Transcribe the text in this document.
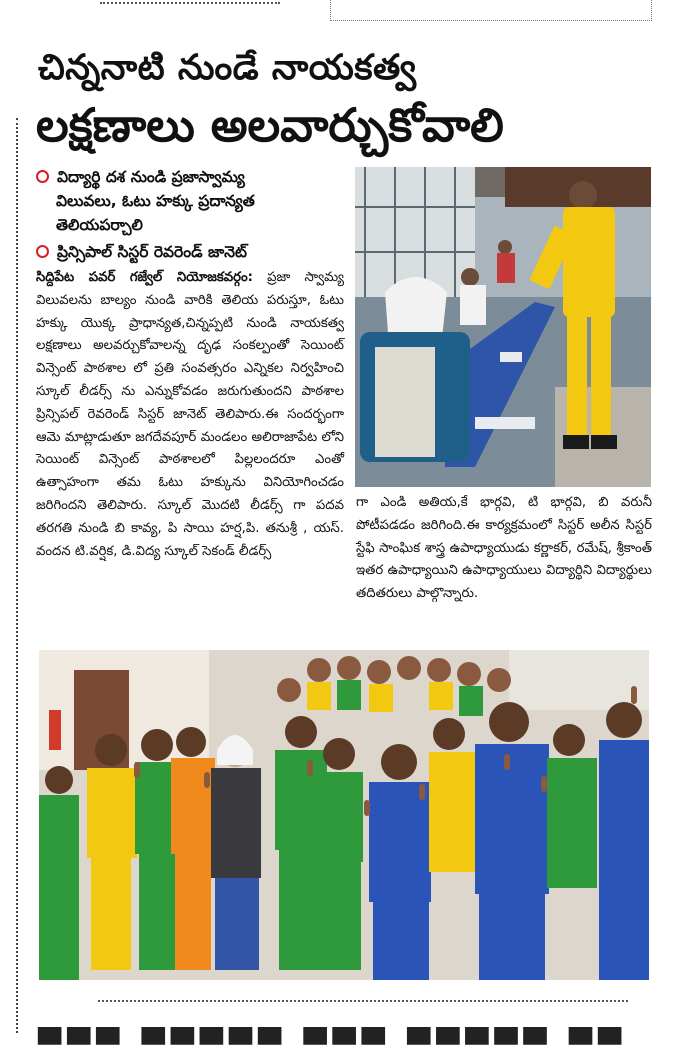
చిన్ననాటి నుండే నాయకత్వ
లక్షణాలు అలవార్చుకోవాలి
విద్యార్థి దశ నుండి ప్రజాస్వామ్య
విలువలు, ఓటు హక్కు ప్రదాన్యత
తెలియపర్చాలి
ప్రిన్సిపాల్ సిస్టర్ రెవరెండ్ జానెట్
సిద్దిపేట పవర్ గజ్వేల్ నియోజకవర్గం: ప్రజా స్వామ్య విలువలను బాల్యం నుండి వారికి తెలియ పరుస్తూ, ఓటు హక్కు యొక్క ప్రాధాన్యత,చిన్నప్పటి నుండి నాయకత్వ లక్షణాలు అలవర్చుకోవాలన్న దృఢ సంకల్పంతో సెయింట్ విన్సెంట్ పాఠశాల లో ప్రతి సంవత్సరం ఎన్నికల నిర్వహించి స్కూల్ లీడర్స్ ను ఎన్నుకోవడం జరుగుతుందని పాఠశాల ప్రిన్సిపల్ రెవరెండ్ సిస్టర్ జానెట్ తెలిపారు.ఈ సందర్భంగా ఆమె మాట్లాడుతూ జగదేవపూర్ మండలం అలిరాజాపేట లోని సెయింట్ విన్సెంట్ పాఠశాలలో పిల్లలందరూ ఎంతో ఉత్సాహంగా తమ ఓటు హక్కును వినియోగించడం జరిగిందని తెలిపారు. స్కూల్ మొదటి లీడర్స్ గా పదవ తరగతి నుండి బి కావ్య, పి సాయి హర్ష,పి. తనుశ్రీ , యస్. వందన టి.వర్షిక, డి.విద్య స్కూల్ సెకండ్ లీడర్స్
గా ఎండి అతియ,కే భార్గవి, టి భార్గవి, బి వరునీ పోటీపడడం జరిగింది.ఈ కార్యక్రమంలో సిస్టర్ అలీన సిస్టర్ స్టేఫి సాంఘిక శాస్త్ర ఉపాధ్యాయుడు కర్ణాకర్, రమేష్, శ్రీకాంత్ ఇతర ఉపాధ్యాయిని ఉపాధ్యాయులు విద్యార్థిని విద్యార్థులు తదితరులు పాల్గొన్నారు.
▀▀▀ ▀▀▀▀▀ ▀▀▀ ▀▀▀▀▀ ▀▀
